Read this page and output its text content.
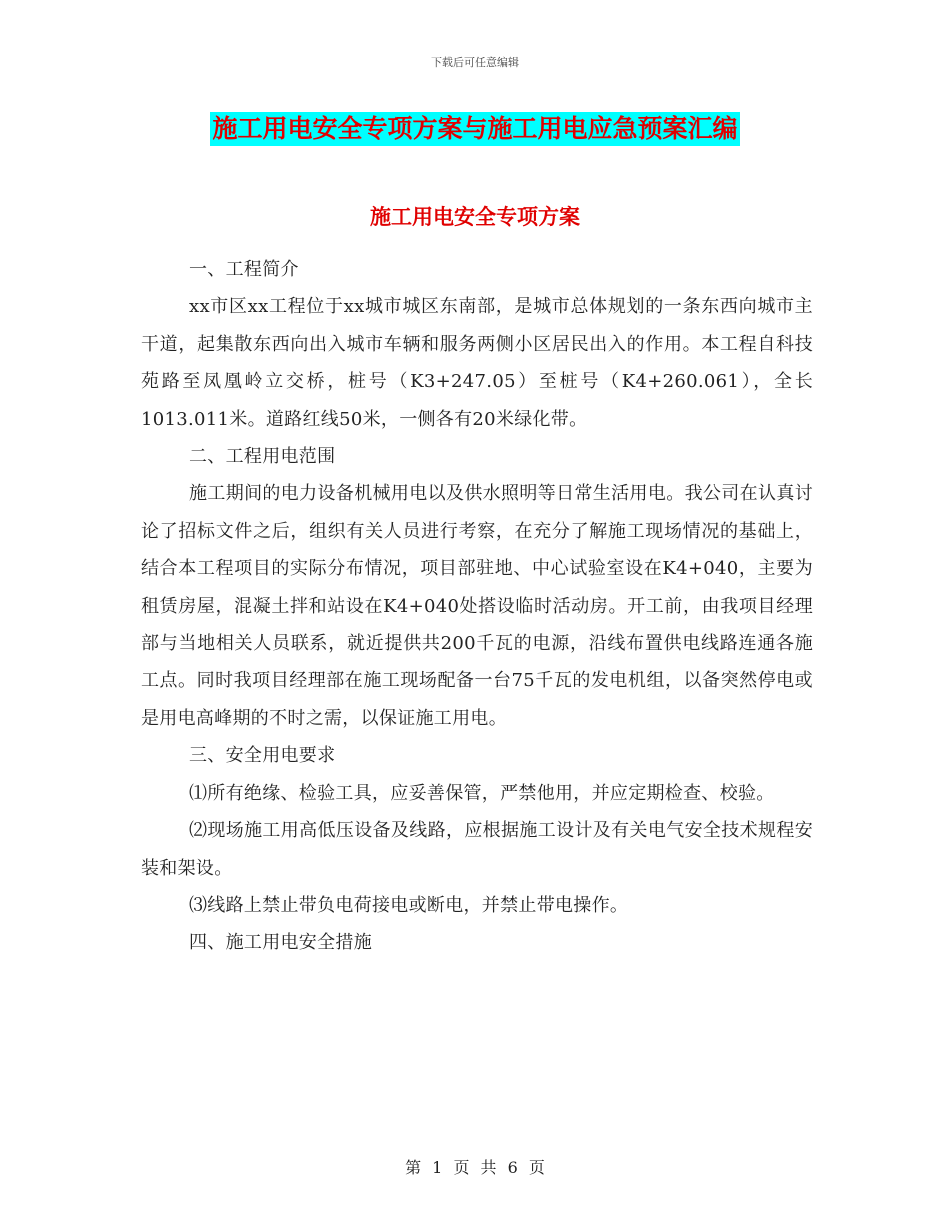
下载后可任意编辑
施工用电安全专项方案与施工用电应急预案汇编
施工用电安全专项方案

一、工程简介

xx市区xx工程位于xx城市城区东南部，是城市总体规划的一条东西向城市主干道，起集散东西向出入城市车辆和服务两侧小区居民出入的作用。本工程自科技苑路至凤凰岭立交桥，桩号（K3+247.05）至桩号（K4+260.061），全长1013.011米。道路红线50米，一侧各有20米绿化带。

二、工程用电范围

施工期间的电力设备机械用电以及供水照明等日常生活用电。我公司在认真讨论了招标文件之后，组织有关人员进行考察，在充分了解施工现场情况的基础上，结合本工程项目的实际分布情况，项目部驻地、中心试验室设在K4+040，主要为租赁房屋，混凝土拌和站设在K4+040处搭设临时活动房。开工前，由我项目经理部与当地相关人员联系，就近提供共200千瓦的电源，沿线布置供电线路连通各施工点。同时我项目经理部在施工现场配备一台75千瓦的发电机组，以备突然停电或是用电高峰期的不时之需，以保证施工用电。

三、安全用电要求

⑴所有绝缘、检验工具，应妥善保管，严禁他用，并应定期检查、校验。

⑵现场施工用高低压设备及线路，应根据施工设计及有关电气安全技术规程安装和架设。

⑶线路上禁止带负电荷接电或断电，并禁止带电操作。

四、施工用电安全措施

第 1 页 共 6 页
